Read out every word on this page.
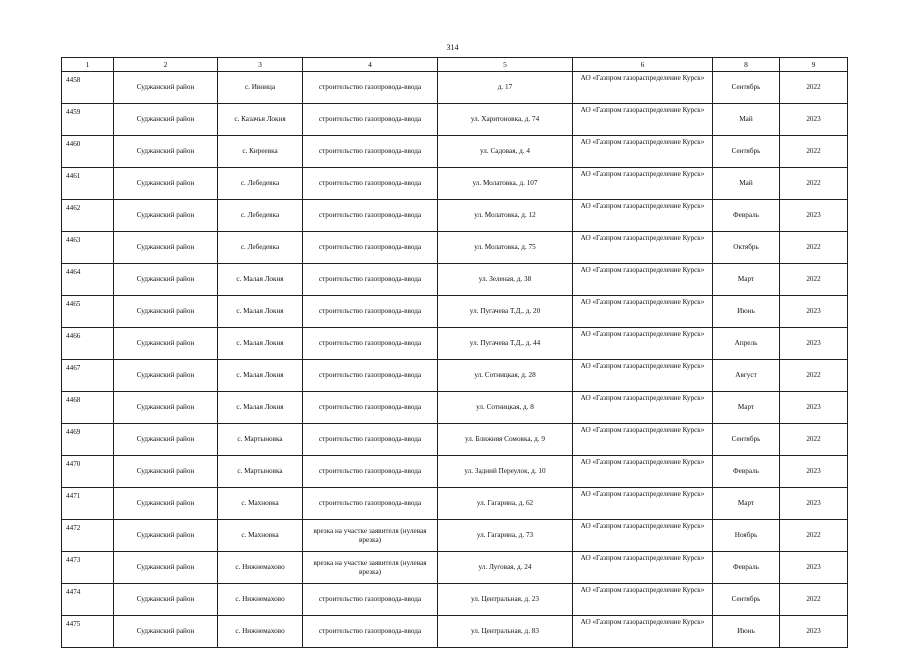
314
1	2	3	4	5	6	8	9
4458	Суджанский район	с. Ивница	строительство газопровода-ввода	д. 17	АО «Газпром газораспределение Курск»	Сентябрь	2022
4459	Суджанский район	с. Казачья Локня	строительство газопровода-ввода	ул. Харитоновка, д. 74	АО «Газпром газораспределение Курск»	Май	2023
4460	Суджанский район	с. Киреевка	строительство газопровода-ввода	ул. Садовая, д. 4	АО «Газпром газораспределение Курск»	Сентябрь	2022
4461	Суджанский район	с. Лебедевка	строительство газопровода-ввода	ул. Молатовка, д. 107	АО «Газпром газораспределение Курск»	Май	2022
4462	Суджанский район	с. Лебедевка	строительство газопровода-ввода	ул. Молатовка, д. 12	АО «Газпром газораспределение Курск»	Февраль	2023
4463	Суджанский район	с. Лебедевка	строительство газопровода-ввода	ул. Молатовка, д. 75	АО «Газпром газораспределение Курск»	Октябрь	2022
4464	Суджанский район	с. Малая Локня	строительство газопровода-ввода	ул. Зеленая, д. 38	АО «Газпром газораспределение Курск»	Март	2022
4465	Суджанский район	с. Малая Локня	строительство газопровода-ввода	ул. Пугачева Т.Д., д. 20	АО «Газпром газораспределение Курск»	Июнь	2023
4466	Суджанский район	с. Малая Локня	строительство газопровода-ввода	ул. Пугачева Т.Д., д. 44	АО «Газпром газораспределение Курск»	Апрель	2023
4467	Суджанский район	с. Малая Локня	строительство газопровода-ввода	ул. Сотницкая, д. 28	АО «Газпром газораспределение Курск»	Август	2022
4468	Суджанский район	с. Малая Локня	строительство газопровода-ввода	ул. Сотницкая, д. 8	АО «Газпром газораспределение Курск»	Март	2023
4469	Суджанский район	с. Мартыновка	строительство газопровода-ввода	ул. Ближняя Сомовка, д. 9	АО «Газпром газораспределение Курск»	Сентябрь	2022
4470	Суджанский район	с. Мартыновка	строительство газопровода-ввода	ул. Задний Переулок, д. 10	АО «Газпром газораспределение Курск»	Февраль	2023
4471	Суджанский район	с. Махновка	строительство газопровода-ввода	ул. Гагарина, д. 62	АО «Газпром газораспределение Курск»	Март	2023
4472	Суджанский район	с. Махновка	врезка на участке заявителя (нулевая врезка)	ул. Гагарина, д. 73	АО «Газпром газораспределение Курск»	Ноябрь	2022
4473	Суджанский район	с. Нижнемахово	врезка на участке заявителя (нулевая врезка)	ул. Луговая, д. 24	АО «Газпром газораспределение Курск»	Февраль	2023
4474	Суджанский район	с. Нижнемахово	строительство газопровода-ввода	ул. Центральная, д. 23	АО «Газпром газораспределение Курск»	Сентябрь	2022
4475	Суджанский район	с. Нижнемахово	строительство газопровода-ввода	ул. Центральная, д. 83	АО «Газпром газораспределение Курск»	Июнь	2023
